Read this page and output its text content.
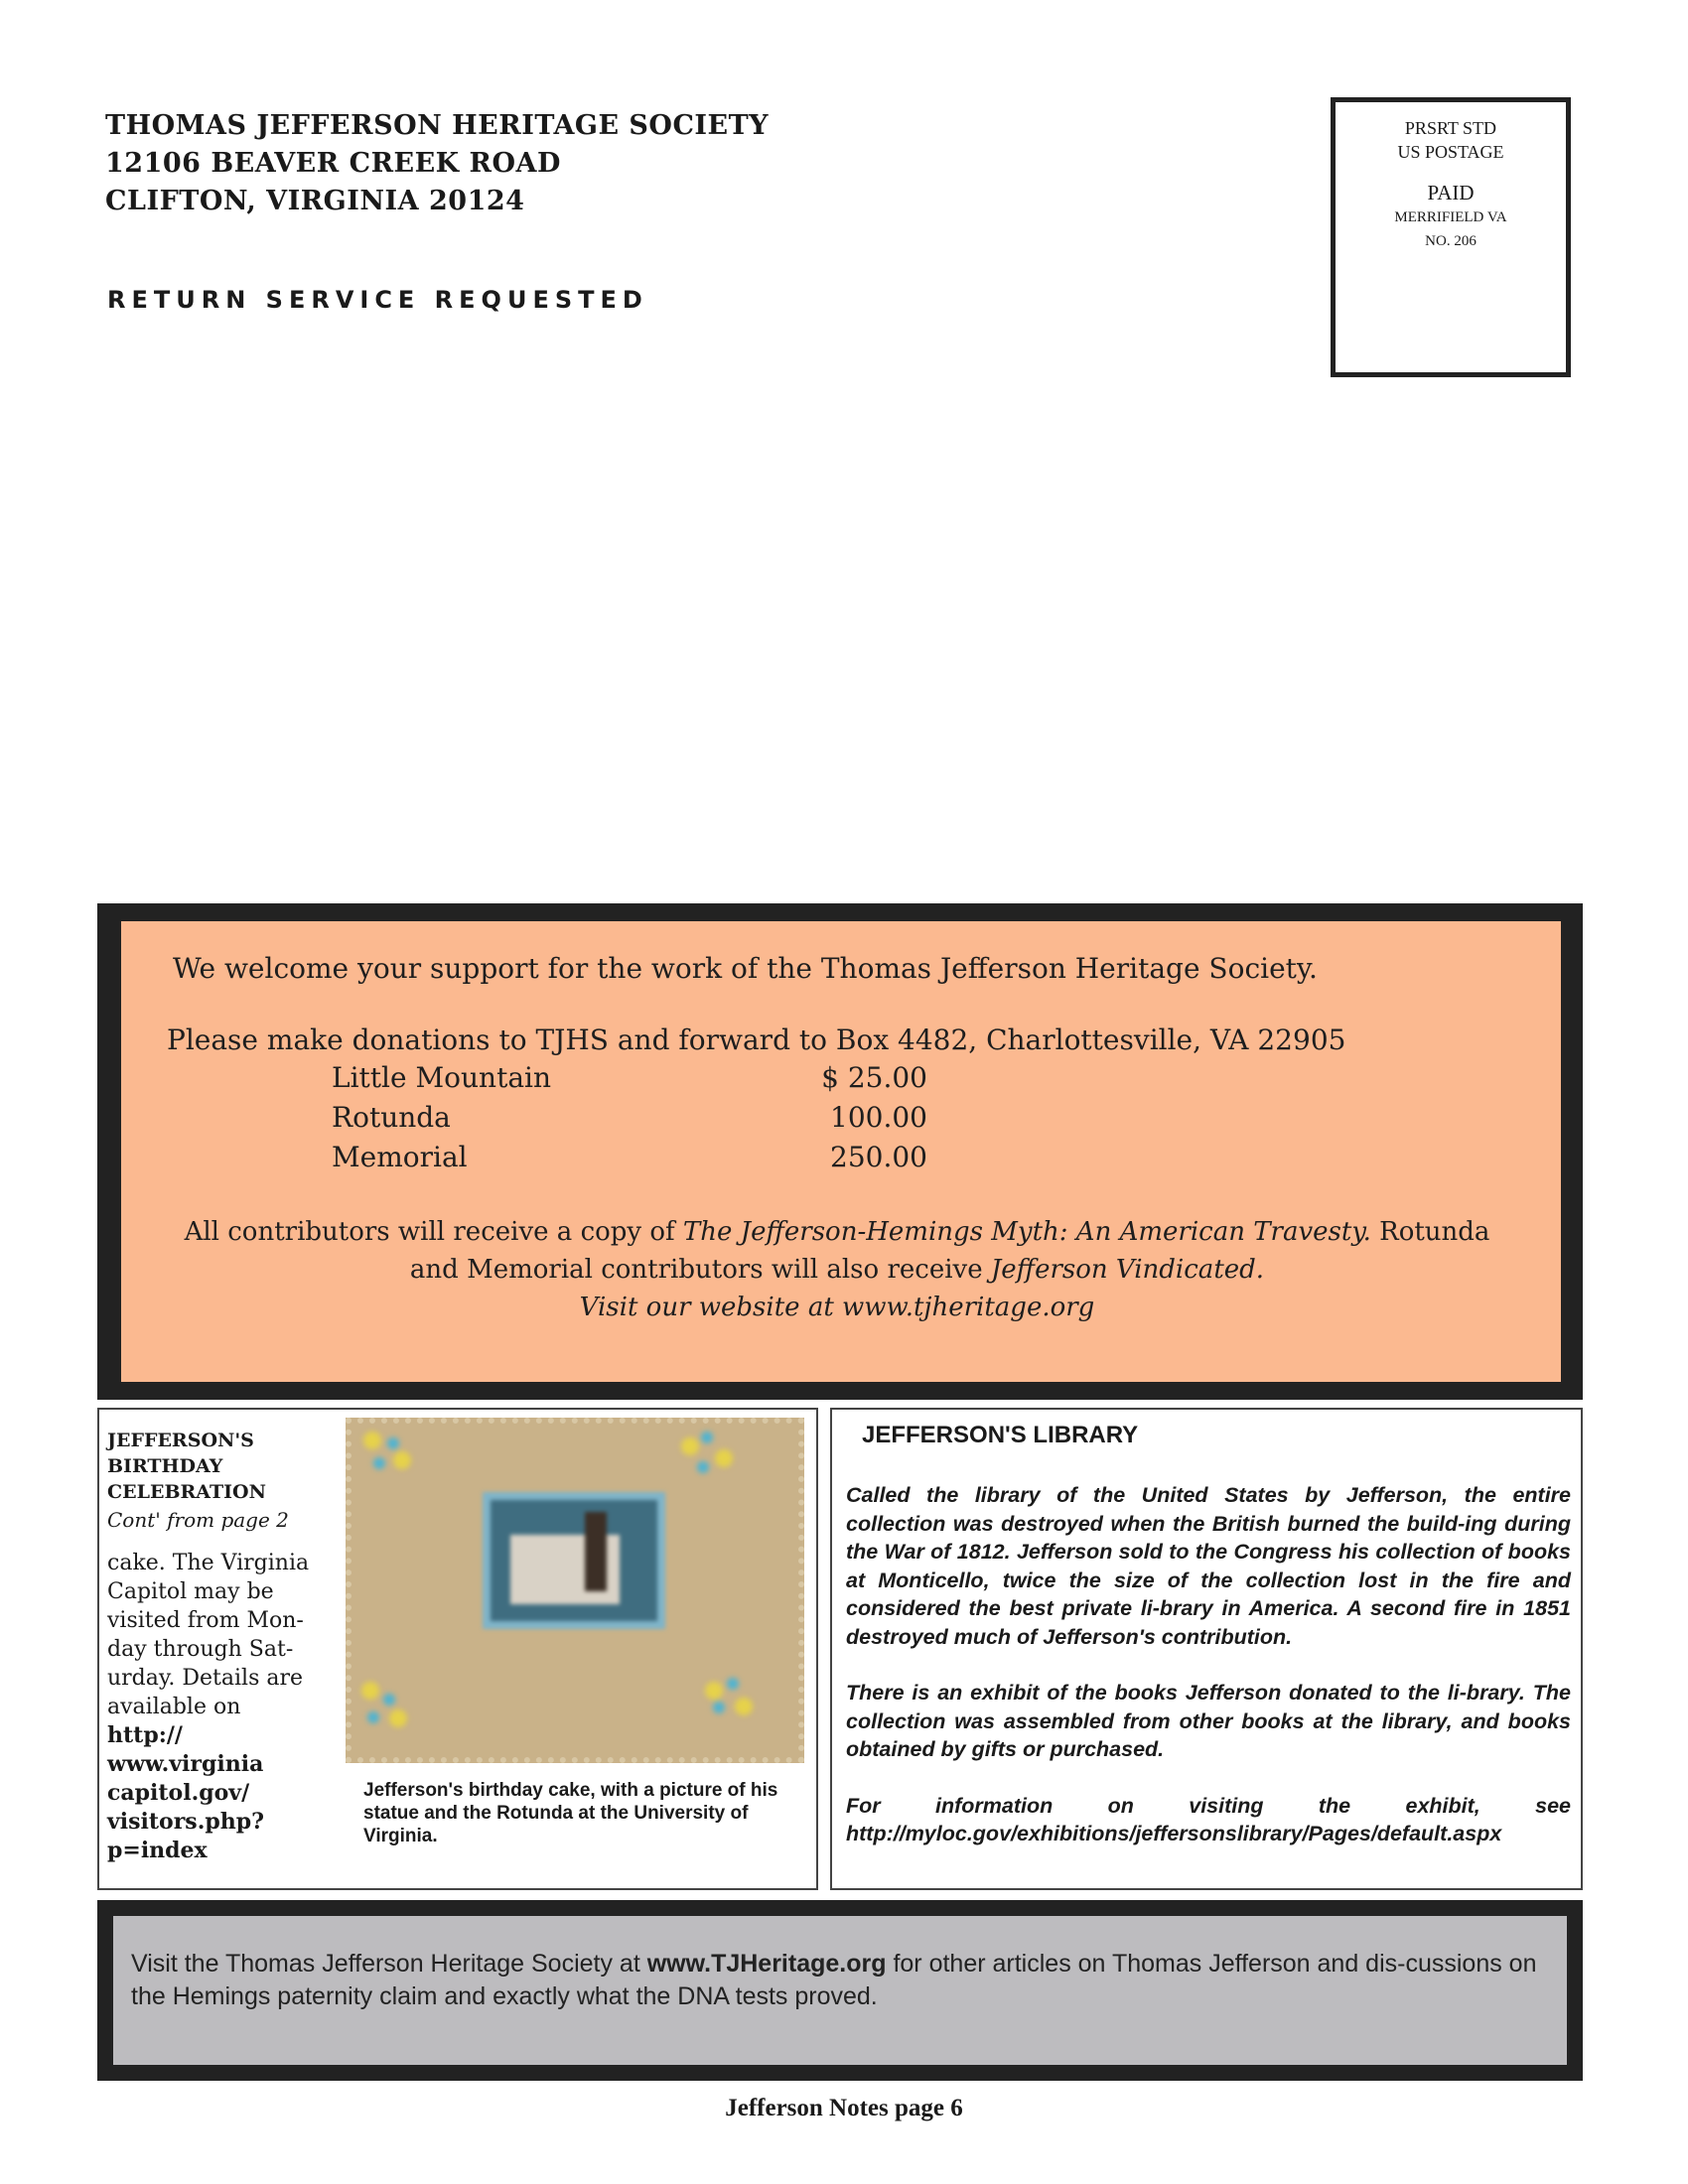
THOMAS JEFFERSON HERITAGE SOCIETY
12106 BEAVER CREEK ROAD
CLIFTON, VIRGINIA 20124
RETURN SERVICE REQUESTED
PRSRT STD
US POSTAGE
PAID
MERRIFIELD VA
NO. 206
We welcome your support for the work of the Thomas Jefferson Heritage Society.
Please make donations to TJHS and forward to Box 4482, Charlottesville, VA 22905
Little Mountain	$ 25.00
Rotunda	100.00
Memorial	250.00
All contributors will receive a copy of The Jefferson-Hemings Myth: An American Travesty. Rotunda and Memorial contributors will also receive Jefferson Vindicated.
Visit our website at www.tjheritage.org
JEFFERSON'S
BIRTHDAY
CELEBRATION
Cont' from page 2
cake. The Virginia Capitol may be visited from Mon-day through Sat-urday. Details are available on
http://
www.virginia
capitol.gov/
visitors.php?
p=index
Jefferson's birthday cake, with a picture of his statue and the Rotunda at the University of Virginia.
JEFFERSON'S LIBRARY

Called the library of the United States by Jefferson, the entire collection was destroyed when the British burned the build-ing during the War of 1812. Jefferson sold to the Congress his collection of books at Monticello, twice the size of the collection lost in the fire and considered the best private li-brary in America. A second fire in 1851 destroyed much of Jefferson's contribution.

There is an exhibit of the books Jefferson donated to the li-brary. The collection was assembled from other books at the library, and books obtained by gifts or purchased.

For information on visiting the exhibit, see http://myloc.gov/exhibitions/jeffersonslibrary/Pages/default.aspx

Visit the Thomas Jefferson Heritage Society at www.TJHeritage.org for other articles on Thomas Jefferson and dis-cussions on the Hemings paternity claim and exactly what the DNA tests proved.
Jefferson Notes page 6
